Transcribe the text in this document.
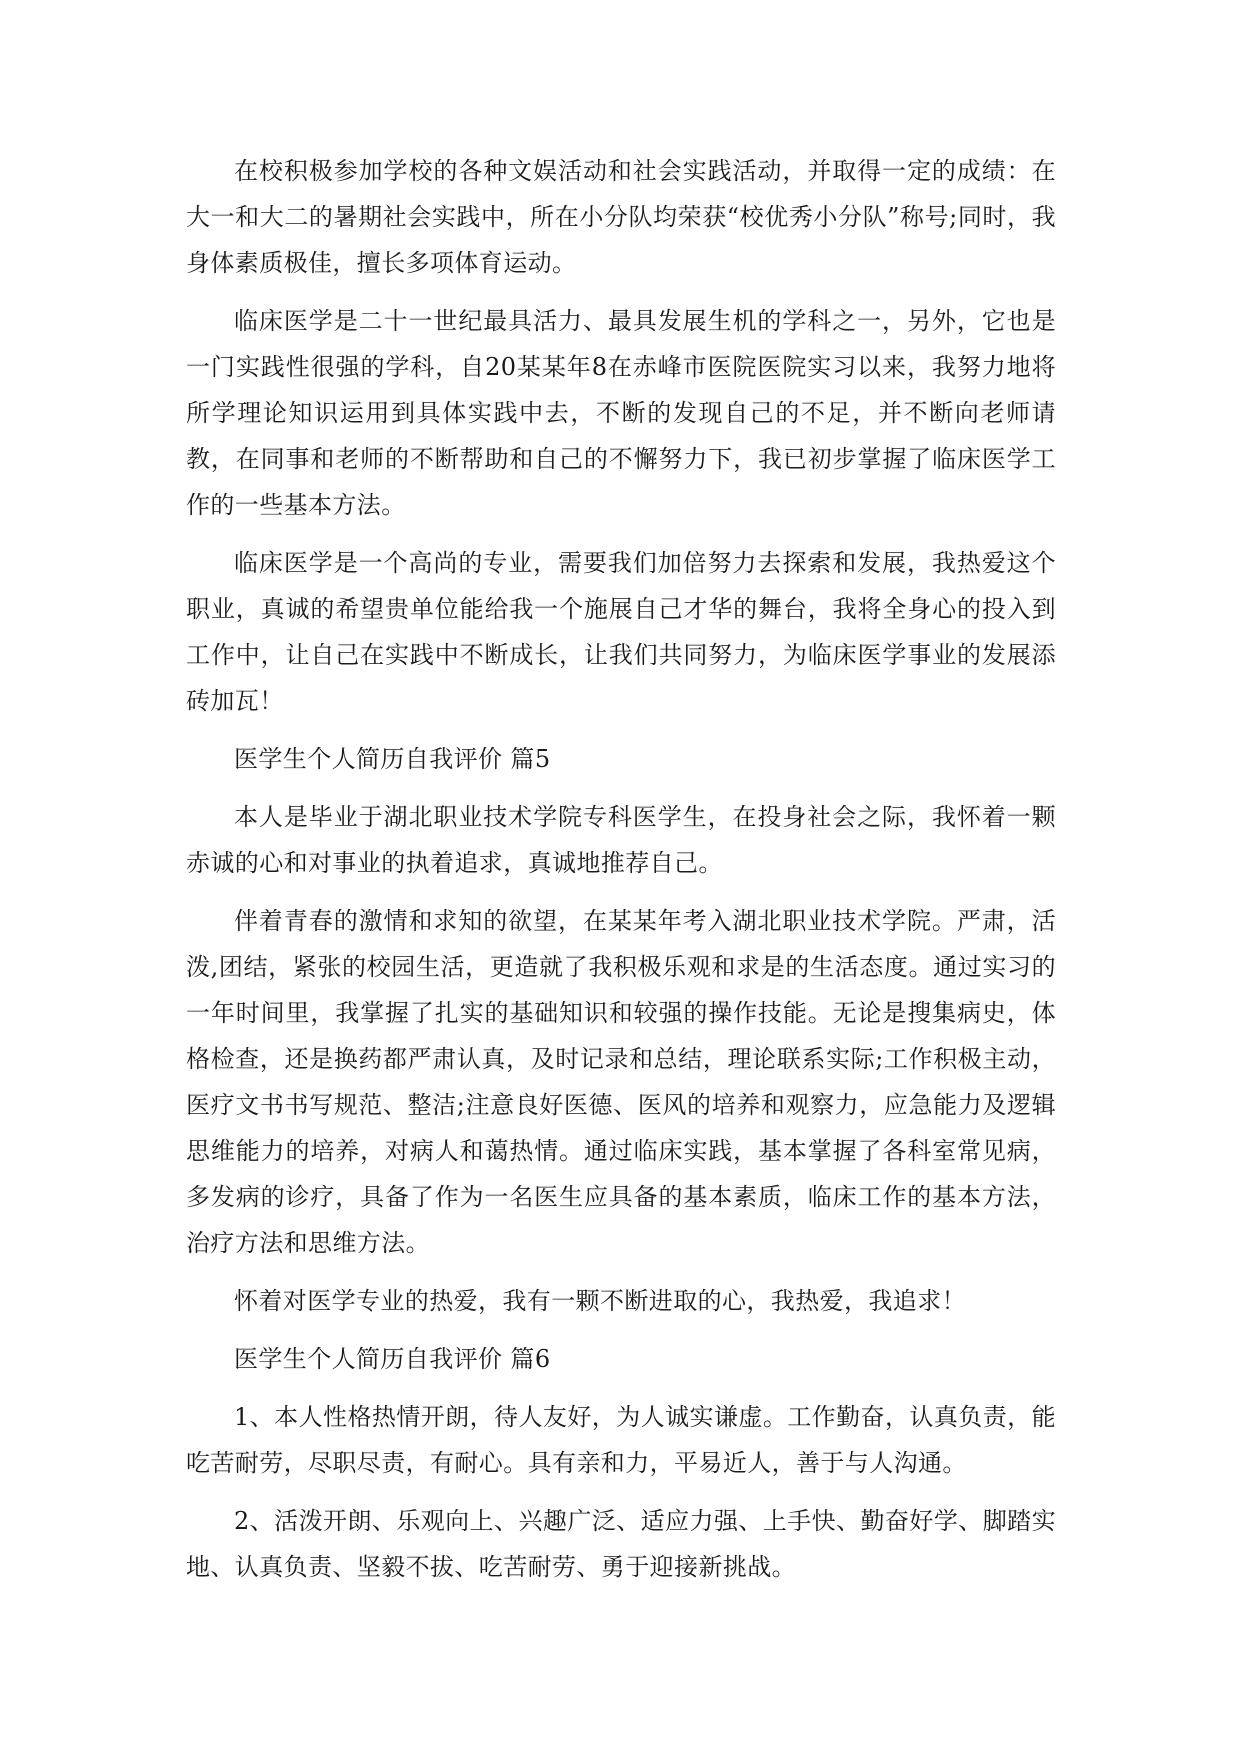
在校积极参加学校的各种文娱活动和社会实践活动，并取得一定的成绩：在大一和大二的暑期社会实践中，所在小分队均荣获“校优秀小分队”称号;同时，我身体素质极佳，擅长多项体育运动。

临床医学是二十一世纪最具活力、最具发展生机的学科之一，另外，它也是一门实践性很强的学科，自20某某年8在赤峰市医院医院实习以来，我努力地将所学理论知识运用到具体实践中去，不断的发现自己的不足，并不断向老师请教，在同事和老师的不断帮助和自己的不懈努力下，我已初步掌握了临床医学工作的一些基本方法。

临床医学是一个高尚的专业，需要我们加倍努力去探索和发展，我热爱这个职业，真诚的希望贵单位能给我一个施展自己才华的舞台，我将全身心的投入到工作中，让自己在实践中不断成长，让我们共同努力，为临床医学事业的发展添砖加瓦！

医学生个人简历自我评价 篇5

本人是毕业于湖北职业技术学院专科医学生，在投身社会之际，我怀着一颗赤诚的心和对事业的执着追求，真诚地推荐自己。

伴着青春的激情和求知的欲望，在某某年考入湖北职业技术学院。严肃，活泼,团结，紧张的校园生活，更造就了我积极乐观和求是的生活态度。通过实习的一年时间里，我掌握了扎实的基础知识和较强的操作技能。无论是搜集病史，体格检查，还是换药都严肃认真，及时记录和总结，理论联系实际;工作积极主动，医疗文书书写规范、整洁;注意良好医德、医风的培养和观察力，应急能力及逻辑思维能力的培养，对病人和蔼热情。通过临床实践，基本掌握了各科室常见病，多发病的诊疗，具备了作为一名医生应具备的基本素质，临床工作的基本方法，治疗方法和思维方法。

怀着对医学专业的热爱，我有一颗不断进取的心，我热爱，我追求！

医学生个人简历自我评价 篇6

1、本人性格热情开朗，待人友好，为人诚实谦虚。工作勤奋，认真负责，能吃苦耐劳，尽职尽责，有耐心。具有亲和力，平易近人，善于与人沟通。

2、活泼开朗、乐观向上、兴趣广泛、适应力强、上手快、勤奋好学、脚踏实地、认真负责、坚毅不拔、吃苦耐劳、勇于迎接新挑战。
